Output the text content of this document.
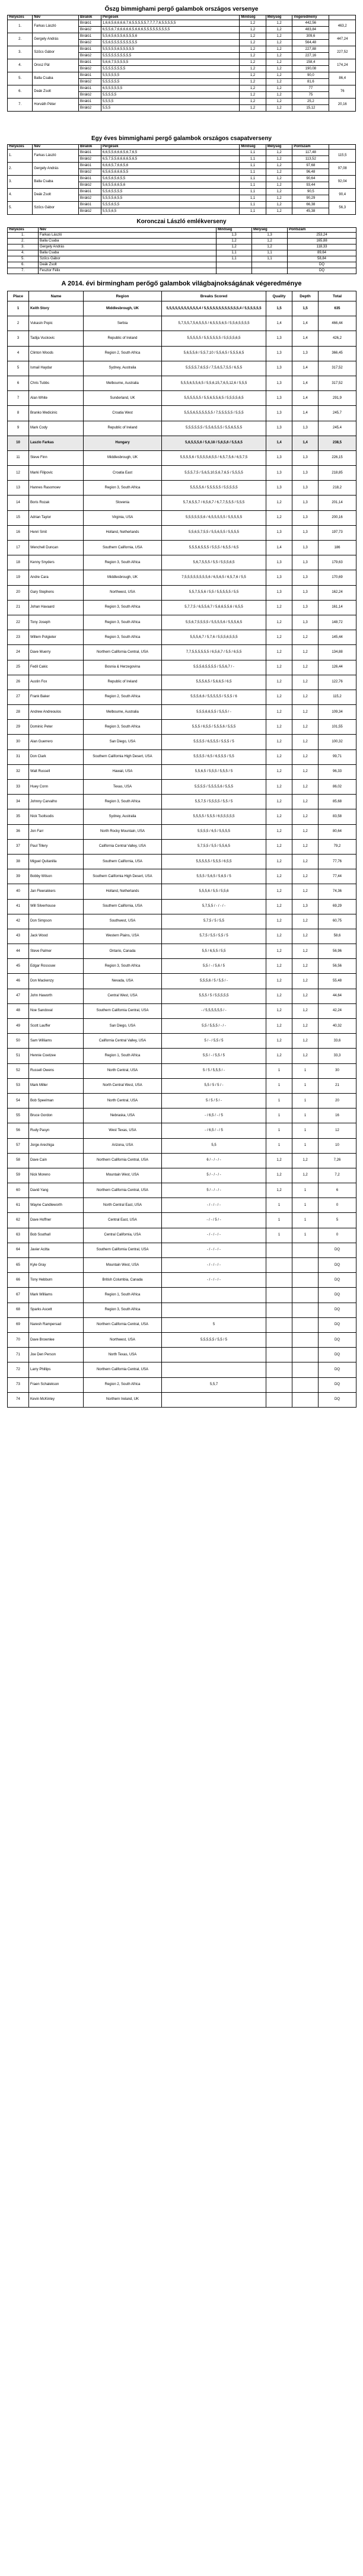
Őszg bimmighami pergő galambok országos versenye
Helyezés	Név	Bírálók	Pergések	Minőség	Mélység	Végeredmény	
1.	Farkas László	Bíráló1	1,6,6,5,6,6,6,6,7,6,5,5,5,5,5,7,7,7,7,6,5,5,5,5,5	1,2	1,2	442,56	463,2
		Bíráló2	6,5,5,6,7,6,6,6,6,6,5,6,6,6,5,5,5,5,5,5,5,5,5	1,2	1,2	483,84	
2.	Gergely András	Bíráló1	5,5,6,5,6,5,5,6,5,5,5,6	1,2	1,2	309,6	447,24
		Bíráló2	5,5,6,5,5,5,5,5,5,5,5,5	1,2	1,2	564,48	
3.	Szűcs Gábor	Bíráló1	5,5,5,5,5,6,5,5,5,5,5	1,2	1,2	227,88	227,52
		Bíráló2	5,5,5,5,5,5,5,5,5,5	1,2	1,2	227,16	
4.	Orosz Pál	Bíráló1	5,6,6,7,5,5,5,5,5	1,2	1,2	158,4	174,24
		Bíráló2	5,5,5,5,5,5,5,5	1,2	1,2	190,08	
5.	Balla Csaba	Bíráló1	5,5,5,5,5,5	1,2	1,2	90,0	86,4
		Bíráló2	5,5,5,5,5,5	1,2	1,2	81,6	
6.	Deák Zsolt	Bíráló1	6,5,5,5,5,5,5	1,2	1,2	77	76
		Bíráló2	5,5,5,5,5	1,2	1,2	75	
7.	Horváth Péter	Bíráló1	5,5,5,5	1,2	1,2	25,2	20,16
		Bíráló2	5,5,5	1,2	1,2	15,12	
Egy éves bimmighami pergő galambok országos csapatverseny
Helyezés	Név	Bírálók	Pergések	Minőség	Mélység	Pontszám	
1.	Farkas László	Bíráló1	6,6,5,5,6,6,6,5,6,7,6,5	1,1	1,2	117,48	115,5
		Bíráló2	6,5,7,5,5,6,6,6,6,5,6,5	1,1	1,2	113,52	
2.	Gergely András	Bíráló1	6,6,6,5,7,6,6,5,6	1,1	1,2	97,68	97,08
		Bíráló2	6,5,6,5,6,6,6,5,5	1,1	1,2	96,48	
3.	Balla Csaba	Bíráló1	5,6,5,6,5,6,5,5	1,1	1,2	90,64	92,04
		Bíráló2	5,6,5,5,6,6,5,6	1,1	1,2	93,44	
4.	Deák Zsolt	Bíráló1	5,5,6,5,5,5,5	1,1	1,2	90,5	90,4
		Bíráló2	5,5,5,5,6,5,5	1,1	1,2	90,29	
5.	Szűcs Gábor	Bíráló1	5,5,5,6,5,5	1,1	1,2	66,38	56,3
		Bíráló2	5,5,5,6,5	1,1	1,2	45,38	
Koronczai László emlékverseny
Helyezés	Név	Minőség	Mélység	Pontszám
1.	Farkas László	1,3	1,3	253,24
2.	Balla Csaba	1,2	1,2	165,88
3.	Gergely András	1,2	1,2	118,33
4.	Balla Csaba	1,1	1,1	89,64
5.	Szűcs Gábor	1,1	1,1	58,84
6.	Deák Zsolt			DQ
7.	Fesztor Félix			DQ
A 2014. évi birmingham perőgő galambok világbajnokságának végeredménye
Place	Name	Region	Breaks Scored	Quality	Depth	Total
1	Keith Story	Middlesbrough, UK	5,5,5,5,5,5,5,5,5,5,5,4 / 5,5,5,5,5,5,5,5,5,5,5,5,4 / 5,5,5,5,5,5	1,5	1,5	635
2	Vukasin Popic	Serbia	5,7,5,5,7,5,6,5,5,5 / 6,5,5,5,6,5 / 5,5,6,5,5,5,5	1,4	1,4	466,44
3	Tadija Vuckovic	Republic of Ireland	5,5,5,5,5 / 5,5,5,5,5,5 / 5,5,5,5,6,5	1,3	1,4	426,2
4	Clinton Woods	Region 2, South Africa	5,6,5,5,6 / 5,5,7,10 / 5,5,6,5 / 5,5,5,6,5	1,3	1,3	366,45
5	Ismail Haydar	Sydney, Australia	5,5,5,5,7,6,5,5 / 7,5,6,5,7,5,5 / 6,5,5	1,3	1,4	317,52
6	Chris Tubbs	Melbourne, Australia	5,5,5,6,5,5,6,5 / 5,5,6,15,7,6,5,12,6 / 5,5,5	1,3	1,4	317,52
7	Alan White	Sunderland, UK	5,5,5,5,5,5 / 5,5,6,5,5,6,5 / 5,5,5,5,6,5	1,3	1,4	291,9
8	Branko Medicinic	Croatia West	5,5,5,6,5,5,5,5,5,5 / 7,5,5,5,5,5 / 5,5,5	1,3	1,4	245,7
9	Mark Cody	Republic of Ireland	5,5,5,5,5,5 / 5,5,6,5,5,5 / 5,5,6,5,5,5	1,3	1,3	245,4
10	Laszlo Farkas	Hungary	5,6,5,5,5,6 / 5,6,18 / 5,6,5,6 / 5,5,6,5	1,4	1,4	238,5
11	Steve Finn	Middlesbrough, UK	5,5,5,5,6 / 5,5,5,5,6,5,5 / 6,5,7,5,6 / 6,5,7,5	1,3	1,3	226,15
12	Marki Filipovic	Croatia East	5,5,5,7,5 / 5,6,5,10,5,6,7,6,5 / 5,5,5,5	1,3	1,3	218,85
13	Hannes Rasomoev	Region 3, South Africa	5,5,5,5,6 / 5,5,5,5,5 / 5,5,5,5,5	1,3	1,3	218,2
14	Boris Rozak	Slovenia	5,7,6,5,5,7 / 6,5,6,7 / 6,7,7,5,5,5 / 5,5,5	1,2	1,3	201,14
15	Adrian Taylor	Virginia, USA	5,5,5,5,5,5,6 / 6,5,5,5,5,5 / 5,5,5,5,5	1,2	1,3	200,16
16	Henri Smit	Holland, Netherlands	5,5,6,5,7,5,5 / 5,5,6,5,5 / 5,5,5,5	1,3	1,3	197,73
17	Wenchell Duncan	Southern California, USA	5,5,5,6,5,5,5 / 5,5,5 / 6,5,5 / 6,5	1,4	1,3	186
18	Kenny Snyders	Region 3, South Africa	5,6,7,5,5,5 / 5,5 / 5,5,5,6,5	1,3	1,3	179,63
19	Andre Cara	Middlesbrough, UK	7,5,5,5,5,5,5,5,5,6 / 6,5,6,5 / 6,5,7,6 / 5,5	1,3	1,3	170,69
20	Gary Stephens	Northwest, USA	5,5,7,5,5,6 / 5,5 / 5,5,5,5,5 / 5,5	1,3	1,3	162,24
21	Johan Havaard	Region 3, South Africa	5,7,7,5 / 6,5,5,6,7 / 5,6,6,5,5,6 / 6,5,5	1,2	1,3	161,14
22	Tony Joseph	Region 3, South Africa	5,5,6,7,5,5,5,5 / 5,5,5,5,6 / 5,5,5,6,5	1,2	1,3	148,72
23	Willem Potgieter	Region 3, South Africa	5,5,5,6,7 / 5,7,6 / 5,5,5,6,5,5,5	1,2	1,2	145,44
24	Dave Muerry	Northern California Central, USA	7,7,5,5,5,5,5,5 / 6,5,6,7 / 5,5 / 6,5,5	1,2	1,2	134,88
25	Fedil Cakic	Bosnia & Herzegovina	5,5,5,6,5,5,5,5 / 5,5,6,7 / -	1,2	1,2	126,44
26	Austin Fox	Republic of Ireland	5,5,5,6,5 / 5,6,6,5 / 6,5	1,2	1,2	122,76
27	Frank Baker	Region 2, South Africa	5,5,5,6,6 / 5,5,5,5,5 / 5,5,5 / 6	1,2	1,2	115,2
28	Andrew Andreoulos	Melbourne, Australia	5,5,5,6,6,5,5 / 5,5,5 / -	1,2	1,2	109,34
29	Dominic Peter	Region 3, South Africa	5,5,5 / 6,5,5 / 5,5,5,6 / 5,5,5	1,2	1,2	101,55
30	Alan Guerrero	San Diego, USA	5,5,5,5 / 6,5,5,5 / 5,5,5 / 5	1,2	1,2	100,32
31	Don Clark	Southern California High Desert, USA	5,5,5,5 / 6,5 / 6,5,5,5 / 5,5	1,2	1,2	99,71
32	Walt Russell	Hawaii, USA	5,5,6,5 / 5,5,5 / 5,5,5 / 5	1,2	1,2	96,33
33	Huey Conn	Texas, USA	5,5,5,5 / 5,5,5,5,6 / 5,5,5	1,2	1,2	86,02
34	Johnny Carvalho	Region 3, South Africa	5,5,7,5 / 5,5,5,5 / 5,5 / 5	1,2	1,2	85,68
35	Nick Tsoltsodis	Sydney, Australia	5,5,5,5 / 5,5,5 / 6,5,5,5,5,5	1,2	1,2	83,58
36	Jon Farr	North Rocky Mountain, USA	5,5,5,5 / 6,5 / 5,5,5,5	1,2	1,2	80,64
37	Paul Tillery	California Central Valley, USA	5,7,5,5 / 5,5 / 5,5,6,5	1,2	1,2	79,2
38	Miguel Quitanilla	Southern California, USA	5,5,5,5,5 / 5,5,5 / 6,5,5	1,2	1,2	77,76
39	Bobby Wilson	Southern California High Desert, USA	5,5,5 / 5,6,5 / 5,6,5 / 5	1,2	1,2	77,44
40	Jan Fleerakkers	Holland, Netherlands	5,5,5,6 / 5,5 / 5,5,6	1,2	1,2	74,36
41	Will Silverhouse	Southern California, USA	5,7,5,5 / - / - / -	1,2	1,3	69,29
42	Don Simpson	Southwest, USA	5,7,5 / 5 / 5,5	1,2	1,2	60,75
43	Jack Wood	Western Plains, USA	5,7,5 / 5,5 / 5,5 / 5	1,2	1,2	58,6
44	Steve Palmer	Ontario, Canada	5,5 / 6,5,5 / 5,5	1,2	1,2	56,96
45	Edgar Rossouw	Region 3, South Africa	5,5 / - / 5,6 / 5	1,2	1,2	56,56
46	Don Mackenzy	Nevada, USA	5,5,5,6 / 5 / 5,5 / -	1,2	1,2	55,48
47	John Haworth	Central West, USA	5,5,5 / 5 / 5,5,5,5,5	1,2	1,2	44,64
48	Noe Sandoval	Southern California Central, USA	- / 5,5,5,5,5,5 / -	1,2	1,2	42,24
49	Scott Lauffer	San Diego, USA	5,5 / 5,5,5 / - / -	1,2	1,2	40,32
50	Sam Williams	California Central Valley, USA	5 / - / 5,5 / 5	1,2	1,2	33,6
51	Hennie Coetzee	Region 1, South Africa	5,5 / - / 5,5 / 5	1,2	1,2	33,3
52	Russell Owens	North Central, USA	5 / 5 / 5,5,5 / -	1	1	30
53	Mark Miller	North Central West, USA	5,5 / 5 / 5 / -	1	1	21
54	Bob Speelman	North Central, USA	5 / 5 / 5 / -	1	1	20
55	Bruce Gordon	Nebraska, USA	- / 6,5 / - / 5	1	1	16
56	Rudy Pasyn	West Texas, USA	- / 6,5 / - / 5	1	1	12
57	Jorge Arechiga	Arizona, USA	5,5	1	1	10
58	Dave Cain	Northern California Central, USA	6 / - / - / -	1,2	1,2	7,26
59	Nick Moreno	Mountain West, USA	5 / - / - / -	1,2	1,2	7,2
60	David Yang	Northern California Central, USA	5 / - / - / -	1,2	1	6
61	Wayne Candleworth	North Central East, USA	- / - / - / -	1	1	0
62	Dave Hoffner	Central East, USA	- / - / 5 / -	1	1	5
63	Bob Southall	Central California, USA	- / - / - / -	1	1	0
64	Javier Acitta	Southern California Central, USA	- / - / - / -			DQ
65	Kyle Gray	Mountain West, USA	- / - / - / -			DQ
66	Tony Hebburn	British Columbia, Canada	- / - / - / -			DQ
67	Mark Williams	Region 1, South Africa				DQ
68	Sparks Ascett	Region 3, South Africa				DQ
69	Naresh Rampersad	Northern California Central, USA	5			DQ
70	Dave Brownlee	Northwest, USA	5,5,5,5,5 / 5,5 / 5			DQ
71	Joe Den Person	North Texas, USA				DQ
72	Larry Phillips	Northern California Central, USA				DQ
73	Fraen Schalekson	Region 2, South Africa	5,5,7			DQ
74	Kevin McKinley	Northern Ireland, UK				DQ
